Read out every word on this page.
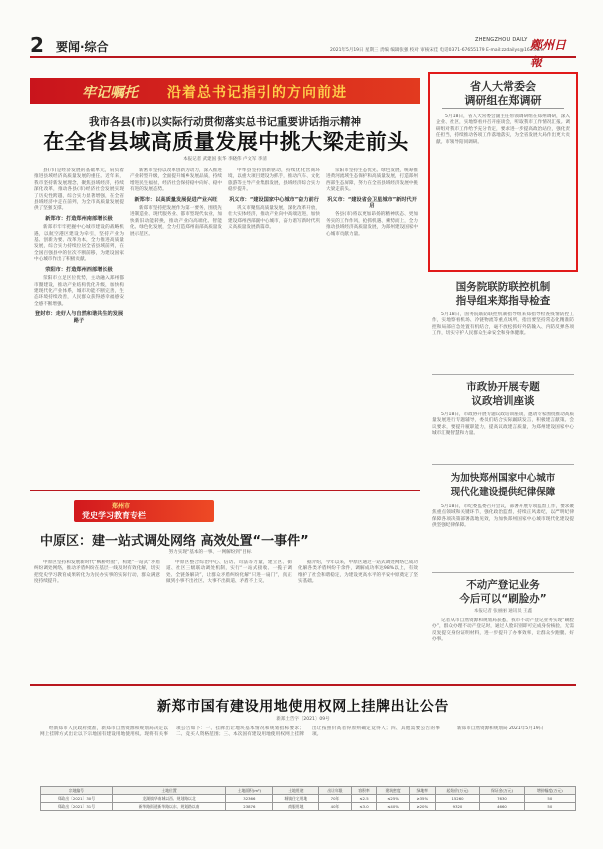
2 要闻·综合	2021年5月19日 星期三 责编 编辑张强 校对 审核宋佳 电话0371-67655179 E-mail:zzdailys@163.com
ZHENGZHOU DAILY 鄭州日報
牢记嘱托 沿着总书记指引的方向前进
我市各县(市)以实际行动贯彻落实总书记重要讲话指示精神
在全省县域高质量发展中挑大梁走前头
本报记者 武建国 张华 李晓伟 卢文军 李清

县(市)是经济发展的基础单元，肩负着推进县域经济高质量发展的重任。近年来，我市坚持新发展理念，聚焦县域经济，持续深化改革，推动各县(市)经济社会发展实现了历史性跨越，综合实力显著增强，在全省县域经济中走在前列，为全市高质量发展提供了坚强支撑。

新郑市：打造郑州南部增长极

新郑市牢牢把握中心城市建设的战略机遇，以航空港区建设为牵引，坚持产业为基、创新为要、改革为本，全力推进高质量发展，综合实力持续位居全省县域前列，在全国百强县中的位次不断前移，为建设国家中心城市作出了积极贡献。

荥阳市：打造郑州西部增长极

荥阳市立足区位优势，主动融入郑州都市圈建设，推动产业结构优化升级，加快构建现代化产业体系，城市功能不断完善，生态环境持续改善，人民群众获得感幸福感安全感不断增强。

登封市：走好人与自然和谐共生的发展路子

新密市坚持以改革创新为动力，深入推进产业转型升级，全面提升城乡发展品质，持续增进民生福祉，经济社会保持稳中向好、稳中有进的发展态势。

新郑市：以高质量发展促进产业兴旺

新郑市坚持把发展作为第一要务，围绕先进制造业、现代服务业、都市型现代农业，加快新旧动能转换，推动产业向高端化、智能化、绿色化发展，全力打造郑州南部高质量发展示范区。

中牟县坚持创新驱动，持续优化营商环境，以重大项目建设为抓手，推动汽车、文化旅游等主导产业集群发展，县域经济综合实力稳步提升。

巩义市：“建设国家中心城市”奋力前行

巩义市聚焦高质量发展，深化改革开放，壮大实体经济，推动产业向中高端迈进，加快建设郑州西部副中心城市，奋力谱写新时代巩义高质量发展新篇章。

荥阳市坚持生态优先、绿色发展，统筹推进黄河流域生态保护和高质量发展，打造郑州西部生态屏障，努力在全省县域经济发展中挑大梁走前头。

巩义市：“建设省会卫星城市”新时代开启

各县(市)将以更加昂扬的精神状态、更加务实的工作作风，抢抓机遇、乘势而上，全力推动县域经济高质量发展，为郑州建设国家中心城市贡献力量。

省人大常委会
调研组在郑调研

5月18日，省人大常委会副主任带领调研组在郑州调研，深入企业、社区，实地察看并召开座谈会，听取我市工作情况汇报。调研组对我市工作给予充分肯定，要求进一步提高政治站位，强化责任担当，持续推动各项工作落地落实，为全省发展大局作出更大贡献。市领导陪同调研。

国务院联防联控机制
指导组来郑指导检查

5月18日，国务院联防联控机制指导组来郑指导检查疫情防控工作，实地察看机场、冷链物流等重点场所，指出要坚持常态化精准防控和局部应急处置有机结合，毫不放松抓好外防输入、内防反弹各项工作，切实守护人民群众生命安全和身体健康。

市政协开展专题
议政培训座谈

5月18日，市政协开展专题议政培训座谈，邀请专家围绕推动高质量发展进行专题辅导，委员们结合实际踊跃发言，积极建言献策。会议要求，要提升履职能力，提高议政建言质量，为郑州建设国家中心城市汇聚智慧和力量。

为加快郑州国家中心城市
现代化建设提供纪律保障

5月18日，市纪委监委召开会议，部署开展专项监督工作，要求聚焦重点领域和关键环节，强化政治监督，持续正风肃纪，以严明纪律保障各项决策部署落地见效，为加快郑州国家中心城市现代化建设提供坚强纪律保障。

不动产登记业务
今后可以“刷脸办”
本报记者 张丽丽 通讯员 王鑫

记者从市自然资源和规划局获悉，我市不动产登记业务实现“刷脸办”，群众办理不动产登记时，通过人脸识别即可完成身份核验，无需反复提交身份证明材料，进一步提升了办事效率，让群众少跑腿、好办事。

郑州市
党史学习教育专栏
中原区：建一站式调处网络 高效处置“一事件”
努力实现“基本的一事、一网解纷到”目标

中原区坚持和发展新时代“枫桥经验”，构建“一站式”矛盾纠纷调处网络，推动矛盾纠纷在基层一线及时有效化解，切实把党史学习教育成果转化为为民办实事的实际行动，群众满意度持续提升。

中原区整合综治中心、信访、司法等力量，建立区、街道、社区三级联动调处机制，实行“一站式接收、一揽子调处、全链条解决”，让群众矛盾纠纷化解“只进一扇门”，真正做到小事不出社区、大事不出街道、矛盾不上交。

据介绍，今年以来，中原区通过一站式调处网络已成功化解各类矛盾纠纷千余件，调解成功率达98%以上，有效维护了社会和谐稳定，为建设更高水平的平安中原奠定了坚实基础。

新郑市国有建设用地使用权网上挂牌出让公告
新郑土告字〔2021〕09号

经新郑市人民政府批准，新郑市自然资源和规划局决定以网上挂牌方式出让以下宗地国有建设用地使用权。现将有关事项公告如下：一、挂牌出让地块基本情况和规划指标要求；二、竞买人资格范围；三、本次国有建设用地使用权网上挂牌出让按照价高者得原则确定竞得人；四、其他需要公告的事项。

新郑市自然资源和规划局 2021年5月19日

宗地编号	土地位置	土地面积(m²)	土地用途	出让年限	容积率	建筑密度	绿地率	起始价(万元)	保证金(万元)	增价幅度(万元)
郑政出〔2021〕30号	龙湖镇华南城以西、规划路以北	32366	城镇住宅用地	70年	≤2.5	≤25%	≥35%	15260	7630	50
郑政出〔2021〕31号	新华路街道新华路以东、规划路以南	23876	商服用地	40年	≤3.0	≤40%	≥20%	9320	4660	50
